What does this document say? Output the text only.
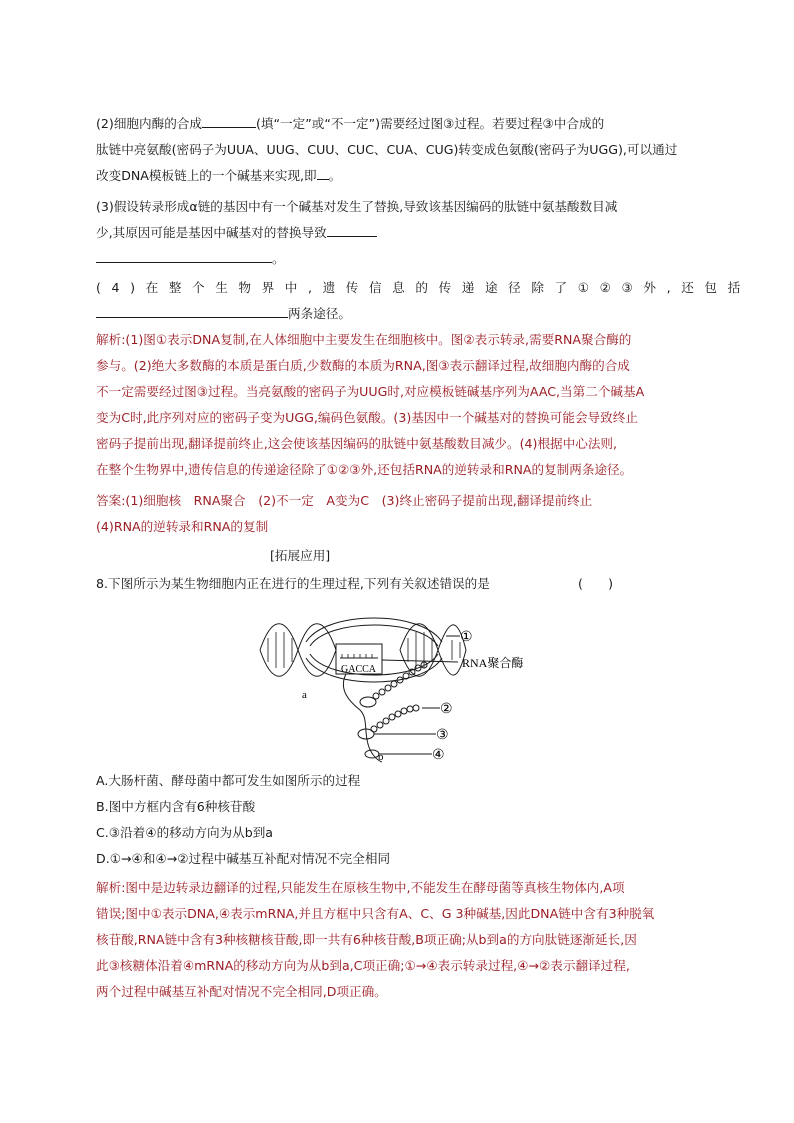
(2)细胞内酶的合成	(填“一定”或“不一定”)需要经过图③过程。若要过程③中合成的
肽链中亮氨酸(密码子为UUA、UUG、CUU、CUC、CUA、CUG)转变成色氨酸(密码子为UGG),可以通过
改变DNA模板链上的一个碱基来实现,即 。
(3)假设转录形成α链的基因中有一个碱基对发生了替换,导致该基因编码的肽链中氨基酸数目减
少,其原因可能是基因中碱基对的替换导致
。
(4)在整个生物界中,遗传信息的传递途径除了①②③外,还包括
两条途径。
解析:(1)图①表示DNA复制,在人体细胞中主要发生在细胞核中。图②表示转录,需要RNA聚合酶的
参与。(2)绝大多数酶的本质是蛋白质,少数酶的本质为RNA,图③表示翻译过程,故细胞内酶的合成
不一定需要经过图③过程。当亮氨酸的密码子为UUG时,对应模板链碱基序列为AAC,当第二个碱基A
变为C时,此序列对应的密码子变为UGG,编码色氨酸。(3)基因中一个碱基对的替换可能会导致终止
密码子提前出现,翻译提前终止,这会使该基因编码的肽链中氨基酸数目减少。(4)根据中心法则,
在整个生物界中,遗传信息的传递途径除了①②③外,还包括RNA的逆转录和RNA的复制两条途径。
答案:(1)细胞核　RNA聚合　(2)不一定　A变为C　(3)终止密码子提前出现,翻译提前终止
(4)RNA的逆转录和RNA的复制
[拓展应用]
8.下图所示为某生物细胞内正在进行的生理过程,下列有关叙述错误的是	(　　)
GACCA
①
RNA聚合酶
②
③
④
a
b
A.大肠杆菌、酵母菌中都可发生如图所示的过程
B.图中方框内含有6种核苷酸
C.③沿着④的移动方向为从b到a
D.①→④和④→②过程中碱基互补配对情况不完全相同
解析:图中是边转录边翻译的过程,只能发生在原核生物中,不能发生在酵母菌等真核生物体内,A项
错误;图中①表示DNA,④表示mRNA,并且方框中只含有A、C、G 3种碱基,因此DNA链中含有3种脱氧
核苷酸,RNA链中含有3种核糖核苷酸,即一共有6种核苷酸,B项正确;从b到a的方向肽链逐渐延长,因
此③核糖体沿着④mRNA的移动方向为从b到a,C项正确;①→④表示转录过程,④→②表示翻译过程,
两个过程中碱基互补配对情况不完全相同,D项正确。
